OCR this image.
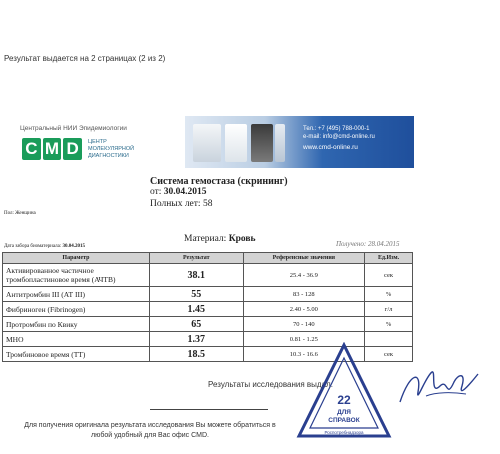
Результат выдается на 2 страницах (2 из 2)
Центральный НИИ Эпидемиологии
C M D	ЦЕНТР
МОЛЕКУЛЯРНОЙ
ДИАГНОСТИКИ
Тел.: +7 (495) 788-000-1
e-mail: info@cmd-online.ru
www.cmd-online.ru
Система гемостаза (скрининг)
от: 30.04.2015
Полных лет: 58
Пол: Женщина
Материал: Кровь
Дата забора биоматериала: 30.04.2015	Получено: 28.04.2015
Параметр	Результат	Референсные значения	Ед.Изм.
Активированное частичное тромбопластиновое время (АЧТВ)	38.1	25.4 - 36.9	сек
Антитромбин III (АТ III)	55	83 - 128	%
Фибриноген (Fibrinogen)	1.45	2.40 - 5.00	г/л
Протромбин по Квику	65	70 - 140	%
МНО	1.37	0.81 - 1.25	
Тромбиновое время (ТТ)	18.5	10.3 - 16.6	сек
Результаты исследования выдал:
Для получения оригинала результата исследования Вы можете обратиться в
любой удобный для Вас офис CMD.
22
ДЛЯ
СПРАВОК
Роспотребнадзора
